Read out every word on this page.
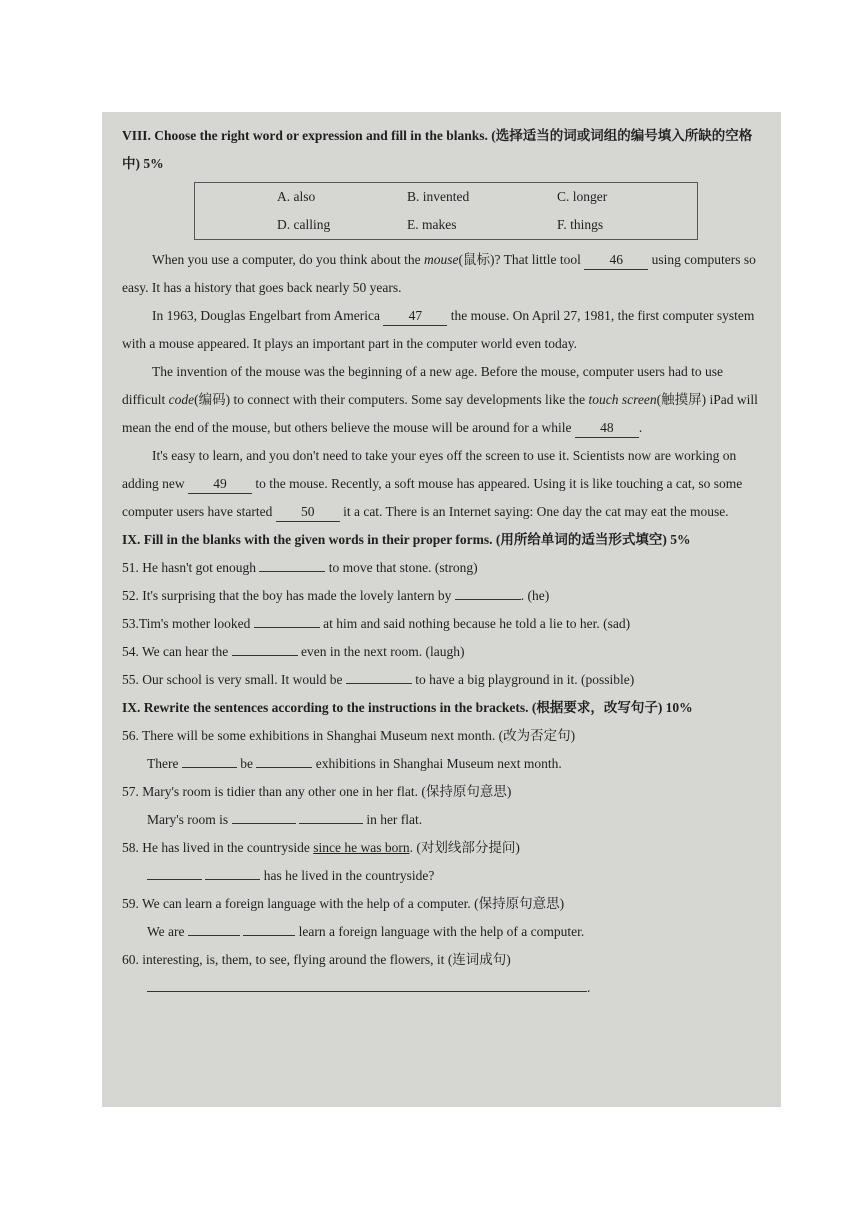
VIII. Choose the right word or expression and fill in the blanks. (选择适当的词或词组的编号填入所缺的空格中) 5%

A. also	B. invented	C. longer
D. calling	E. makes	F. things

When you use a computer, do you think about the mouse(鼠标)? That little tool 46 using computers so easy. It has a history that goes back nearly 50 years.

In 1963, Douglas Engelbart from America 47 the mouse. On April 27, 1981, the first computer system with a mouse appeared. It plays an important part in the computer world even today.

The invention of the mouse was the beginning of a new age. Before the mouse, computer users had to use difficult code(编码) to connect with their computers. Some say developments like the touch screen(触摸屏) iPad will mean the end of the mouse, but others believe the mouse will be around for a while 48 .

It's easy to learn, and you don't need to take your eyes off the screen to use it. Scientists now are working on adding new 49 to the mouse. Recently, a soft mouse has appeared. Using it is like touching a cat, so some computer users have started 50 it a cat. There is an Internet saying: One day the cat may eat the mouse.

IX. Fill in the blanks with the given words in their proper forms. (用所给单词的适当形式填空) 5%

51. He hasn't got enough	to move that stone. (strong)

52. It's surprising that the boy has made the lovely lantern by	. (he)

53.Tim's mother looked	at him and said nothing because he told a lie to her. (sad)

54. We can hear the	even in the next room. (laugh)

55. Our school is very small. It would be	to have a big playground in it. (possible)

IX. Rewrite the sentences according to the instructions in the brackets. (根据要求，改写句子) 10%

56. There will be some exhibitions in Shanghai Museum next month. (改为否定句)

There	be	exhibitions in Shanghai Museum next month.

57. Mary's room is tidier than any other one in her flat. (保持原句意思)

Mary's room is	in her flat.

58. He has lived in the countryside since he was born. (对划线部分提问)

has he lived in the countryside?

59. We can learn a foreign language with the help of a computer. (保持原句意思)

We are	learn a foreign language with the help of a computer.

60. interesting, is, them, to see, flying around the flowers, it (连词成句)

.
